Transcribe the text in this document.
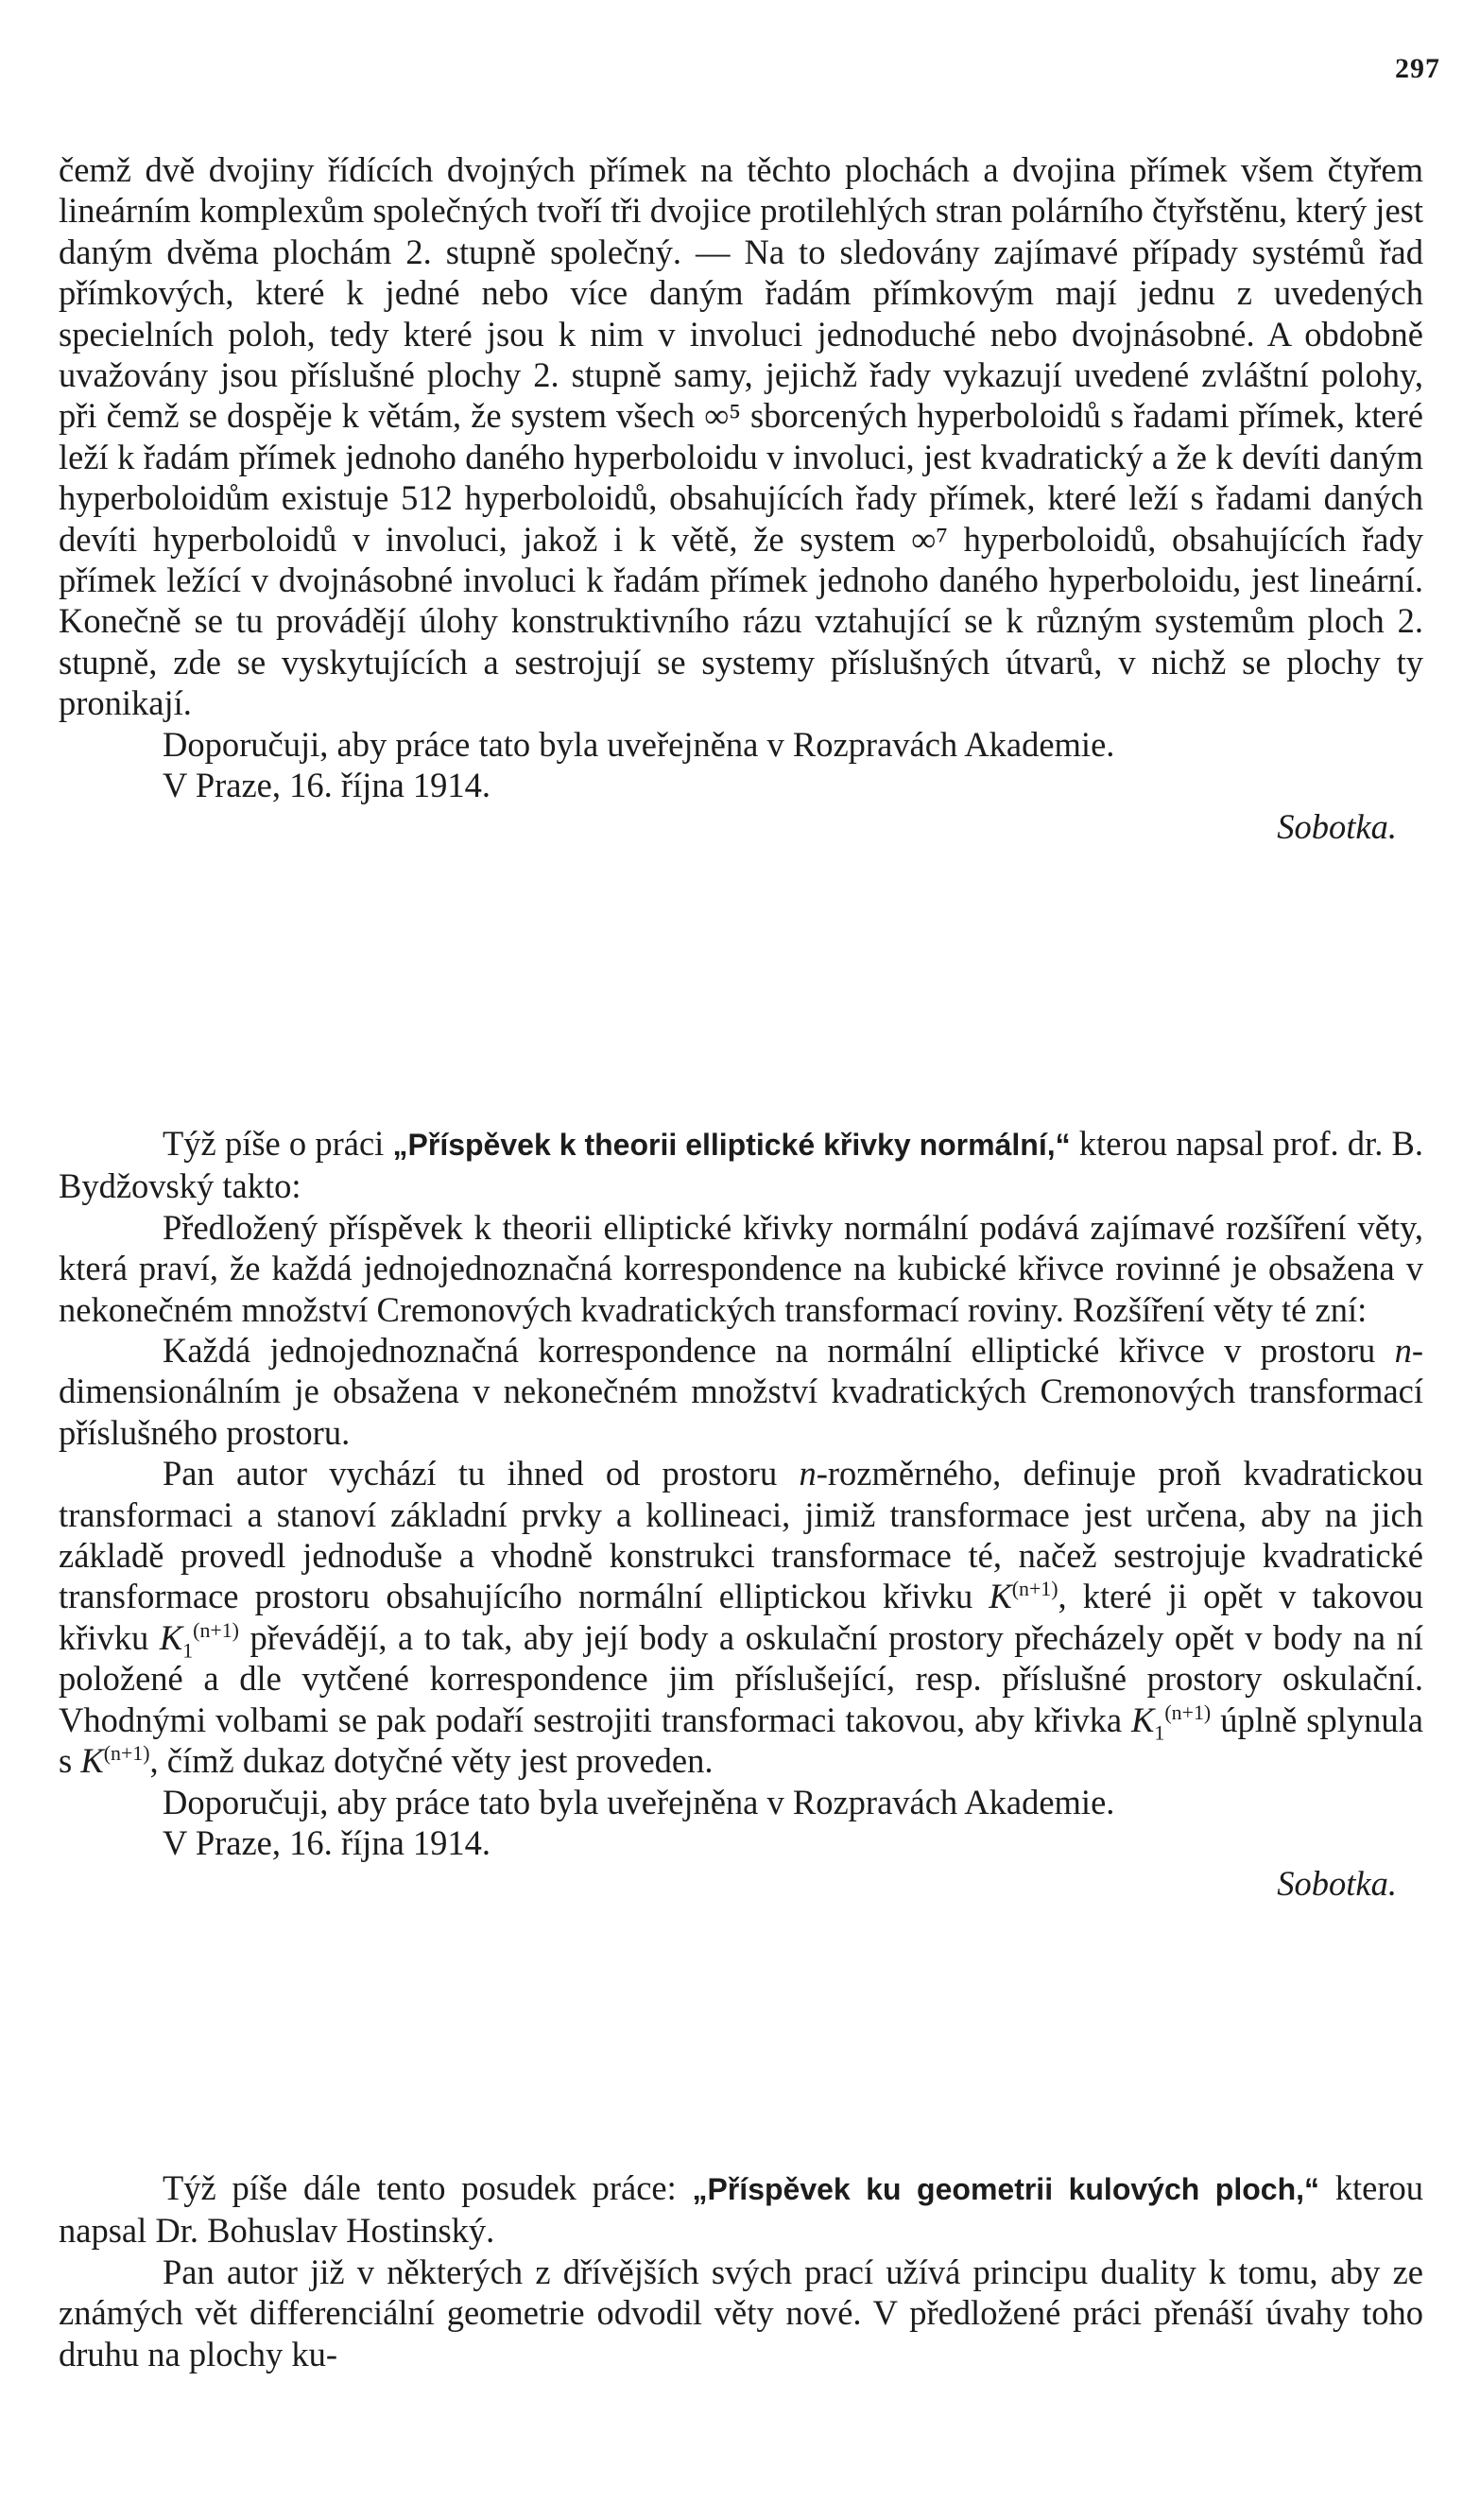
297

čemž dvě dvojiny řídících dvojných přímek na těchto plochách a dvojina přímek všem čtyřem lineárním komplexům společných tvoří tři dvojice protilehlých stran polárního čtyřstěnu, který jest daným dvěma plochám 2. stupně společný. — Na to sledovány zajímavé případy systémů řad přímkových, které k jedné nebo více daným řadám přímkovým mají jednu z uvedených specielních poloh, tedy které jsou k nim v involuci jednoduché nebo dvojnásobné. A obdobně uvažovány jsou příslušné plochy 2. stupně samy, jejichž řady vykazují uvedené zvláštní polohy, při čemž se dospěje k větám, že system všech ∞⁵ sborcených hyperboloidů s řadami přímek, které leží k řadám přímek jednoho daného hyperboloidu v involuci, jest kvadratický a že k devíti daným hyperboloidům existuje 512 hyperboloidů, obsahujících řady přímek, které leží s řadami daných devíti hyperboloidů v involuci, jakož i k větě, že system ∞⁷ hyperboloidů, obsahujících řady přímek ležící v dvojnásobné involuci k řadám přímek jednoho daného hyperboloidu, jest lineární. Konečně se tu provádějí úlohy konstruktivního rázu vztahující se k různým systemům ploch 2. stupně, zde se vyskytujících a sestrojují se systemy příslušných útvarů, v nichž se plochy ty pronikají.

Doporučuji, aby práce tato byla uveřejněna v Rozpravách Akademie.

V Praze, 16. října 1914.

Sobotka.

Týž píše o práci „Příspěvek k theorii elliptické křivky normální,“ kterou napsal prof. dr. B. Bydžovský takto:

Předložený příspěvek k theorii elliptické křivky normální podává zajímavé rozšíření věty, která praví, že každá jednojednoznačná korrespondence na kubické křivce rovinné je obsažena v nekonečném množství Cremonových kvadratických transformací roviny. Rozšíření věty té zní:

Každá jednojednoznačná korrespondence na normální elliptické křivce v prostoru n-dimensionálním je obsažena v nekonečném množství kvadratických Cremonových transformací příslušného prostoru.

Pan autor vychází tu ihned od prostoru n-rozměrného, definuje proň kvadratickou transformaci a stanoví základní prvky a kollineaci, jimiž transformace jest určena, aby na jich základě provedl jednoduše a vhodně konstrukci transformace té, načež sestrojuje kvadratické transformace prostoru obsahujícího normální elliptickou křivku $K^{(n+1)}$, které ji opět v takovou křivku $K_1^{(n+1)}$ převádějí, a to tak, aby její body a oskulační prostory přecházely opět v body na ní položené a dle vytčené korrespondence jim příslušející, resp. příslušné prostory oskulační. Vhodnými volbami se pak podaří sestrojiti transformaci takovou, aby křivka $K_1^{(n+1)}$ úplně splynula s $K^{(n+1)}$, čímž dukaz dotyčné věty jest proveden.

Doporučuji, aby práce tato byla uveřejněna v Rozpravách Akademie.

V Praze, 16. října 1914.

Sobotka.

Týž píše dále tento posudek práce: „Příspěvek ku geometrii kulových ploch,“ kterou napsal Dr. Bohuslav Hostinský.

Pan autor již v některých z dřívějších svých prací užívá principu duality k tomu, aby ze známých vět differenciální geometrie odvodil věty nové. V předložené práci přenáší úvahy toho druhu na plochy ku-
